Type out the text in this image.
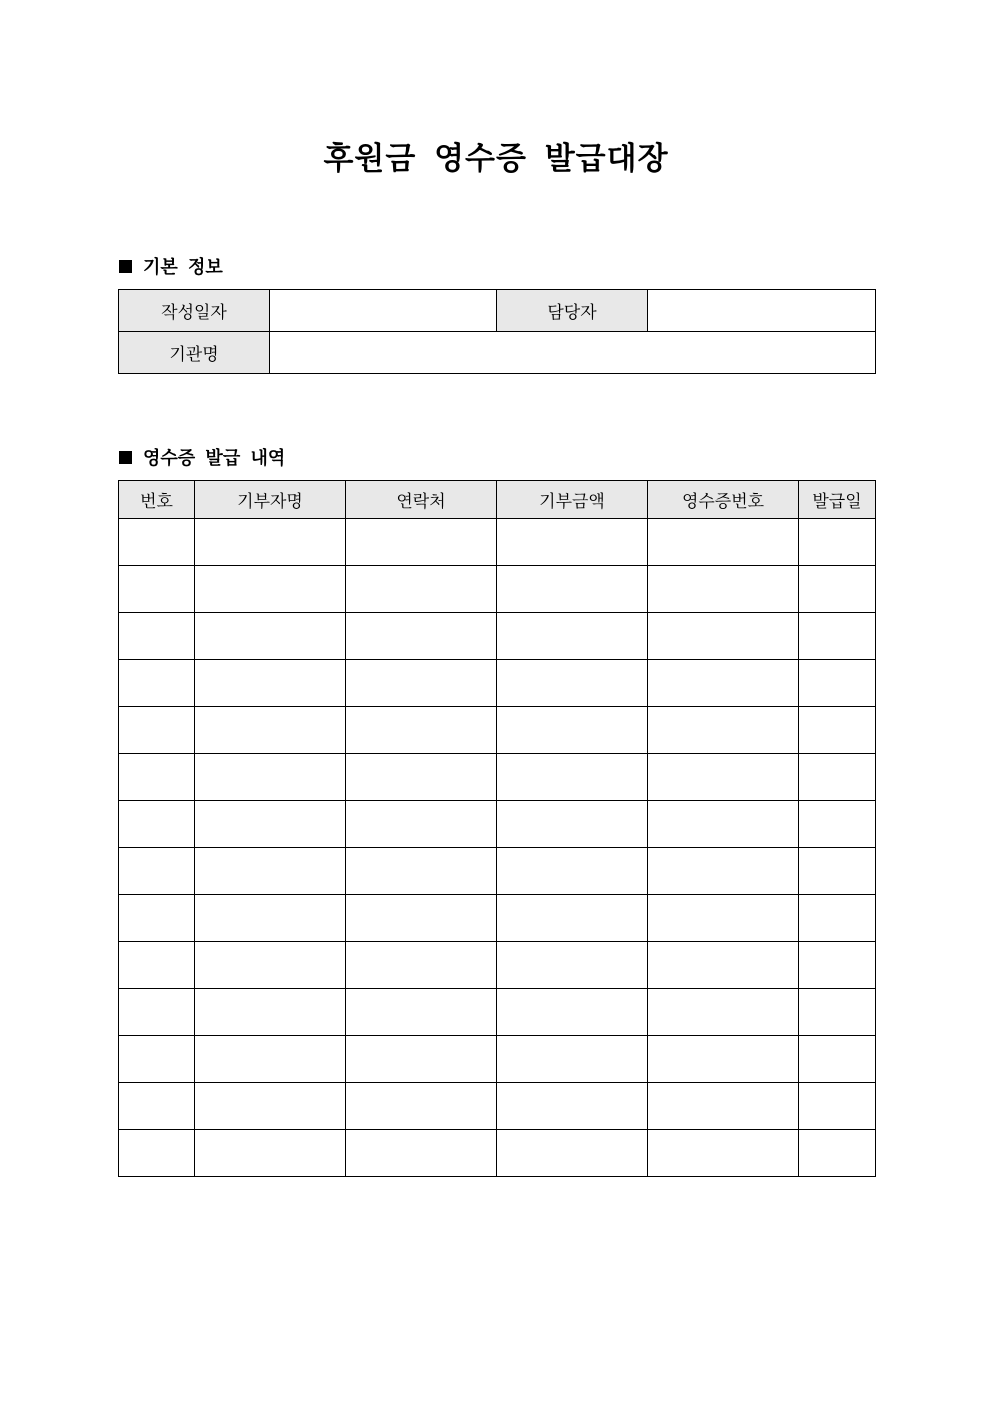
후원금 영수증 발급대장
기본 정보
작성일자		담당자	
기관명			
영수증 발급 내역
번호	기부자명	연락처	기부금액	영수증번호	발급일
